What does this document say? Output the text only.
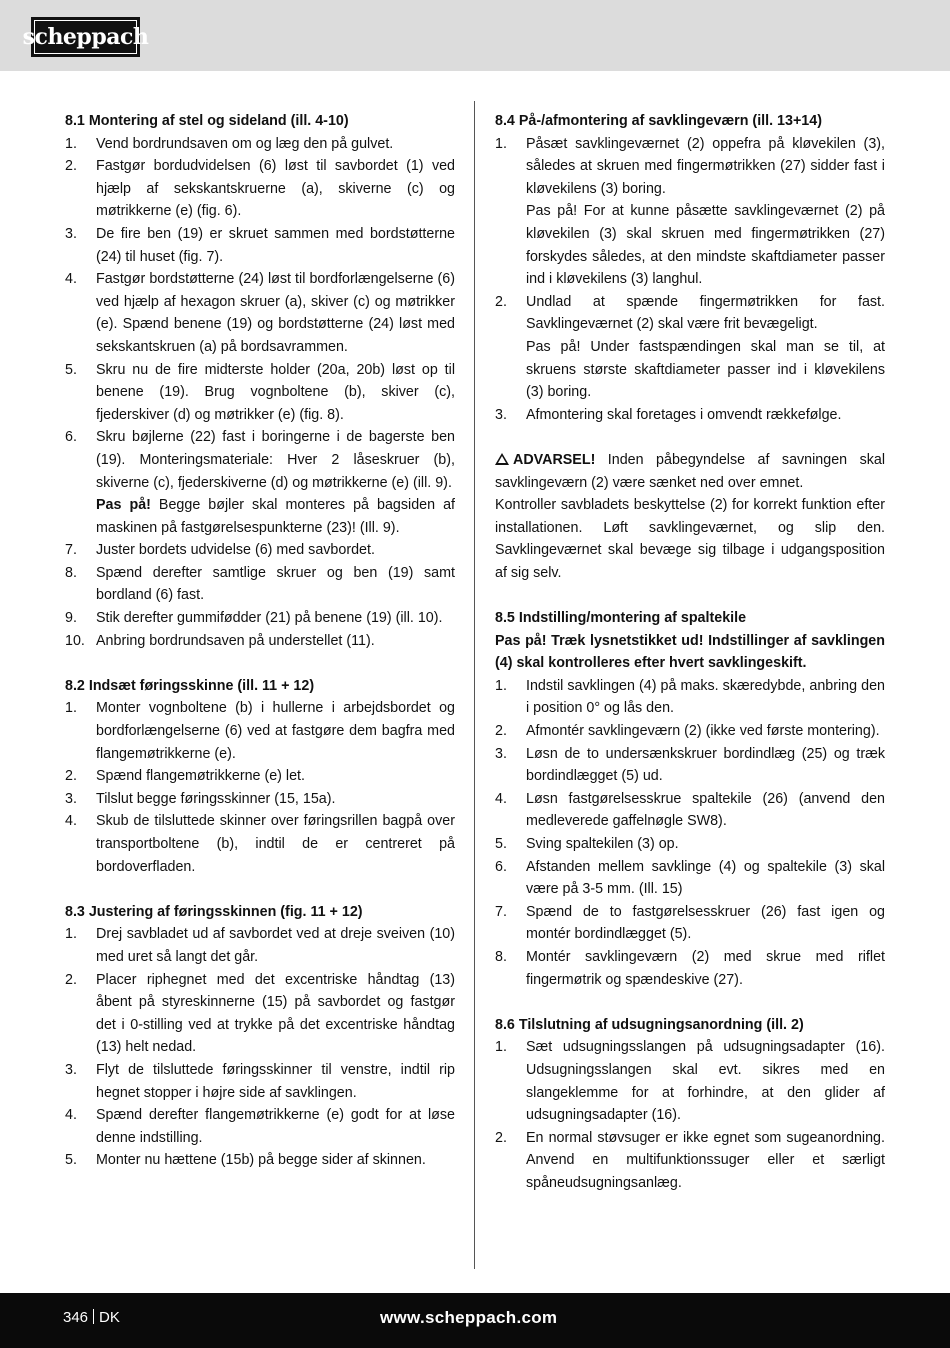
scheppach
8.1 Montering af stel og sideland (ill. 4-10)
1.	Vend bordrundsaven om og læg den på gulvet.
2.	Fastgør bordudvidelsen (6) løst til savbordet (1) ved hjælp af sekskantskruerne (a), skiverne (c) og møtrikkerne (e) (fig. 6).
3.	De fire ben (19) er skruet sammen med bordstøtterne (24) til huset (fig. 7).
4.	Fastgør bordstøtterne (24) løst til bordforlængelserne (6) ved hjælp af hexagon skruer (a), skiver (c) og møtrikker (e). Spænd benene (19) og bordstøtterne (24) løst med sekskantskruen (a) på bordsavrammen.
5.	Skru nu de fire midterste holder (20a, 20b) løst op til benene (19). Brug vognboltene (b), skiver (c), fjederskiver (d) og møtrikker (e) (fig. 8).
6.	Skru bøjlerne (22) fast i boringerne i de bagerste ben (19). Monteringsmateriale: Hver 2 låseskruer (b), skiverne (c), fjederskiverne (d) og møtrikkerne (e) (ill. 9).
Pas på! Begge bøjler skal monteres på bagsiden af maskinen på fastgørelsespunkterne (23)! (Ill. 9).
7.	Juster bordets udvidelse (6) med savbordet.
8.	Spænd derefter samtlige skruer og ben (19) samt bordland (6) fast.
9.	Stik derefter gummifødder (21) på benene (19) (ill. 10).
10. Anbring bordrundsaven på understellet (11).
8.2 Indsæt føringsskinne (ill. 11 + 12)
1.	Monter vognboltene (b) i hullerne i arbejdsbordet og bordforlængelserne (6) ved at fastgøre dem bagfra med flangemøtrikkerne (e).
2.	Spænd flangemøtrikkerne (e) let.
3.	Tilslut begge føringsskinner (15, 15a).
4.	Skub de tilsluttede skinner over føringsrillen bagpå over transportboltene (b), indtil de er centreret på bordoverfladen.
8.3 Justering af føringsskinnen (fig. 11 + 12)
1.	Drej savbladet ud af savbordet ved at dreje sveiven (10) med uret så langt det går.
2.	Placer riphegnet med det excentriske håndtag (13) åbent på styreskinnerne (15) på savbordet og fastgør det i 0-stilling ved at trykke på det excentriske håndtag (13) helt nedad.
3.	Flyt de tilsluttede føringsskinner til venstre, indtil rip hegnet stopper i højre side af savklingen.
4.	Spænd derefter flangemøtrikkerne (e) godt for at løse denne indstilling.
5.	Monter nu hættene (15b) på begge sider af skinnen.
8.4 På-/afmontering af savklingeværn (ill. 13+14)
1.	Påsæt savklingeværnet (2) oppefra på kløvekilen (3), således at skruen med fingermøtrikken (27) sidder fast i kløvekilens (3) boring.
Pas på! For at kunne påsætte savklingeværnet (2) på kløvekilen (3) skal skruen med fingermøtrikken (27) forskydes således, at den mindste skaftdiameter passer ind i kløvekilens (3) langhul.
2.	Undlad at spænde fingermøtrikken for fast. Savklingeværnet (2) skal være frit bevægeligt.
Pas på! Under fastspændingen skal man se til, at skruens største skaftdiameter passer ind i kløvekilens (3) boring.
3.	Afmontering skal foretages i omvendt rækkefølge.

ADVARSEL! Inden påbegyndelse af savningen skal savklingeværn (2) være sænket ned over emnet.

Kontroller savbladets beskyttelse (2) for korrekt funktion efter installationen. Løft savklingeværnet, og slip den. Savklingeværnet skal bevæge sig tilbage i udgangsposition af sig selv.

8.5 Indstilling/montering af spaltekile

Pas på! Træk lysnetstikket ud! Indstillinger af savklingen (4) skal kontrolleres efter hvert savklingeskift.

1.	Indstil savklingen (4) på maks. skæredybde, anbring den i position 0° og lås den.
2.	Afmontér savklingeværn (2) (ikke ved første montering).
3.	Løsn de to undersænkskruer bordindlæg (25) og træk bordindlægget (5) ud.
4.	Løsn fastgørelsesskrue spaltekile (26) (anvend den medleverede gaffelnøgle SW8).
5.	Sving spaltekilen (3) op.
6.	Afstanden mellem savklinge (4) og spaltekile (3) skal være på 3-5 mm. (Ill. 15)
7.	Spænd de to fastgørelsesskruer (26) fast igen og montér bordindlægget (5).
8.	Montér savklingeværn (2) med skrue med riflet fingermøtrik og spændeskive (27).
8.6 Tilslutning af udsugningsanordning (ill. 2)
1.	Sæt udsugningsslangen på udsugningsadapter (16). Udsugningsslangen skal evt. sikres med en slangeklemme for at forhindre, at den glider af udsugningsadapter (16).
2.	En normal støvsuger er ikke egnet som sugeanordning. Anvend en multifunktionssuger eller et særligt spåneudsugningsanlæg.
346 DK	www.scheppach.com
